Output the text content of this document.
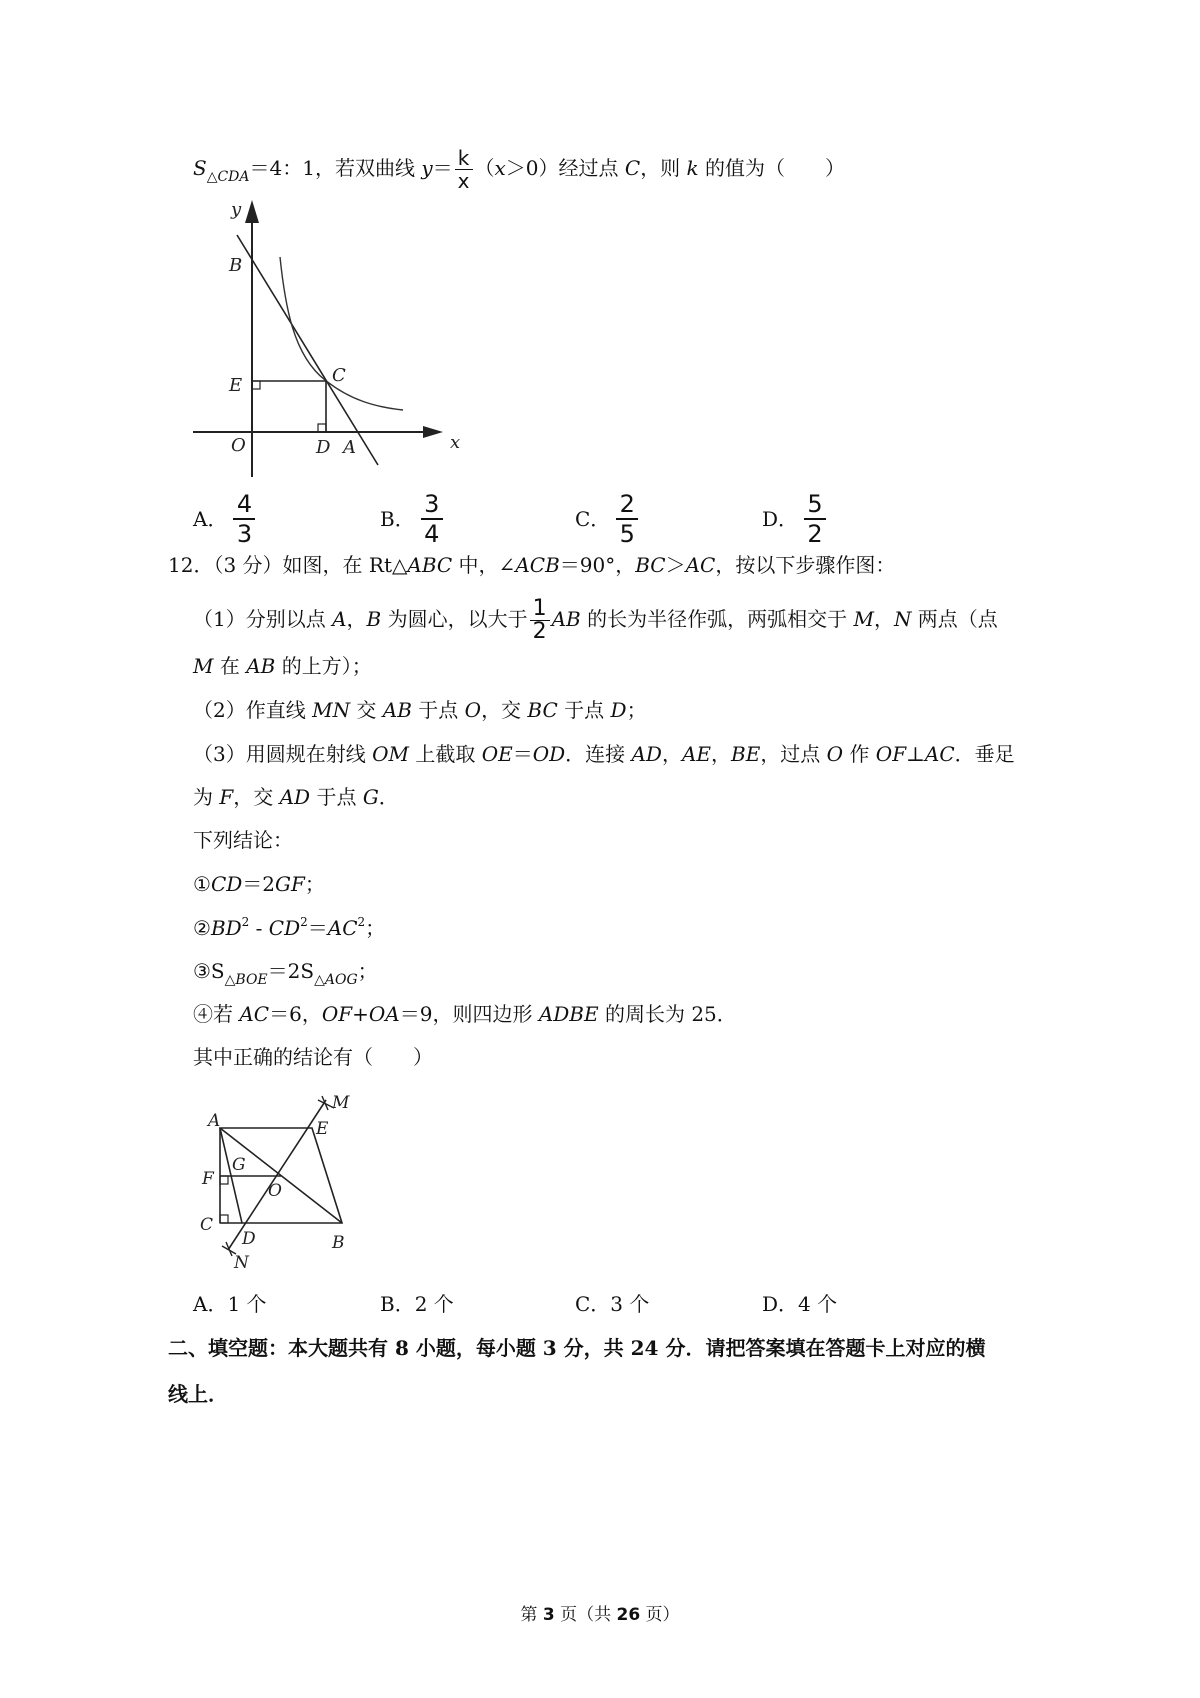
$S_{\triangle CDA}=4$：1，若双曲线 $y= \frac{k}{x} (x>0)$经过点 C，则 k 的值为（　　）
y
x
B
E	C
O	D A
A．
4
3
B．
3
4
C．
2
5
D．
5
2
12．（3 分）如图，在 Rt△ABC 中，∠ACB＝90°，BC＞AC，按以下步骤作图：
（1）分别以点 A，B 为圆心，以大于 $\frac{1}{2}$ AB 的长为半径作弧，两弧相交于 M，N 两点（点
M 在 AB 的上方）；
（2）作直线 MN 交 AB 于点 O，交 BC 于点 D；
（3）用圆规在射线 OM 上截取 OE＝OD．连接 AD，AE，BE，过点 O 作 OF⊥AC．垂足
为 F，交 AD 于点 G．
下列结论：
①CD＝2GF；
$②BD^2 - CD^2=AC^2$；
$③S_{\triangle BOE}=2S_{\triangle AOG}$；
④若 AC＝6，OF+OA＝9，则四边形 ADBE 的周长为 25．
其中正确的结论有（　　）
A	E
M
F
G
O
C
D	B
N
A．1 个	B．2 个	C．3 个	D．4 个
二、填空题：本大题共有 8 小题，每小题 3 分，共 24 分．请把答案填在答题卡上对应的横
线上．
第 3 页（共 26 页）
